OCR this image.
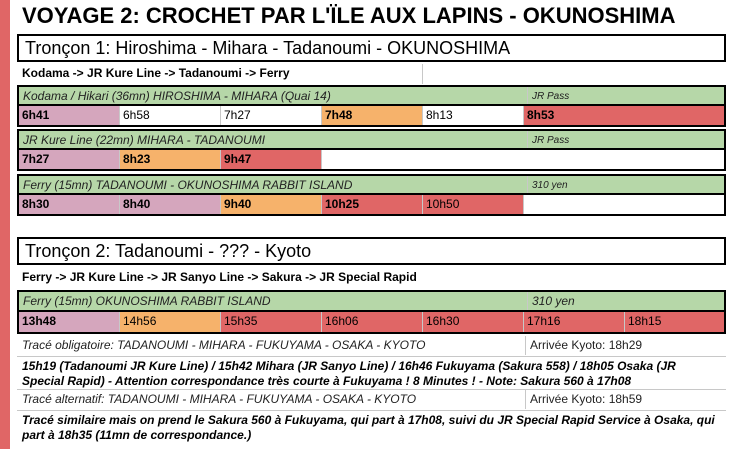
VOYAGE 2: CROCHET PAR L'ÏLE AUX LAPINS - OKUNOSHIMA
Tronçon 1: Hiroshima - Mihara - Tadanoumi - OKUNOSHIMA
Kodama -> JR Kure Line -> Tadanoumi -> Ferry
Kodama / Hikari (36mn) HIROSHIMA - MIHARA (Quai 14)	JR Pass
6h41	6h58	7h27	7h48	8h13	8h53
JR Kure Line (22mn) MIHARA - TADANOUMI	JR Pass
7h27	8h23	9h47
Ferry (15mn) TADANOUMI - OKUNOSHIMA RABBIT ISLAND	310 yen
8h30	8h40	9h40	10h25	10h50
Tronçon 2: Tadanoumi - ??? - Kyoto
Ferry -> JR Kure Line -> JR Sanyo Line -> Sakura -> JR Special Rapid
Ferry (15mn) OKUNOSHIMA RABBIT ISLAND	310 yen
13h48	14h56	15h35	16h06	16h30	17h16	18h15
Tracé obligatoire: TADANOUMI - MIHARA - FUKUYAMA - OSAKA - KYOTO	Arrivée Kyoto: 18h29
15h19 (Tadanoumi JR Kure Line) / 15h42 Mihara (JR Sanyo Line) / 16h46 Fukuyama (Sakura 558) / 18h05 Osaka (JR Special Rapid) - Attention correspondance très courte à Fukuyama ! 8 Minutes ! - Note: Sakura 560 à 17h08
Tracé alternatif: TADANOUMI - MIHARA - FUKUYAMA - OSAKA - KYOTO	Arrivée Kyoto: 18h59
Tracé similaire mais on prend le Sakura 560 à Fukuyama, qui part à 17h08, suivi du JR Special Rapid Service à Osaka, qui part à 18h35 (11mn de correspondance.)
